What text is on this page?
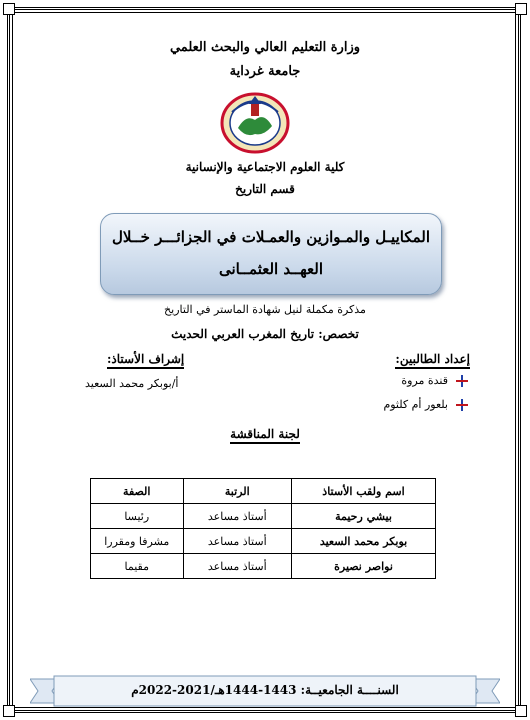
وزارة التعليم العالي والبحث العلمي
جامعة غرداية
كلية العلوم الاجتماعية والإنسانية
قسم التاريخ
المكاييـل والمـوازين والعمـلات في الجزائـــر خــلال
العهــد العثمــانى
مذكرة مكملة لنيل شهادة الماستر في التاريخ
تخصص: تاريخ المغرب العربي الحديث
إعداد الطالبين:
إشراف الأستاذ:
أ/بوبكر محمد السعيد	قندة مروة
بلعور أم كلثوم
لجنة المناقشة
اسم ولقب الأستاذ	الرتبة	الصفة
بيشي رحيمة	أستاذ مساعد	رئيسا
بوبكر محمد السعيد	أستاذ مساعد	مشرفا ومقررا
نواصر نصيرة	أستاذ مساعد	مقيما
السنــــة الجامعيــة: 1443-1444هـ/2021-2022م
